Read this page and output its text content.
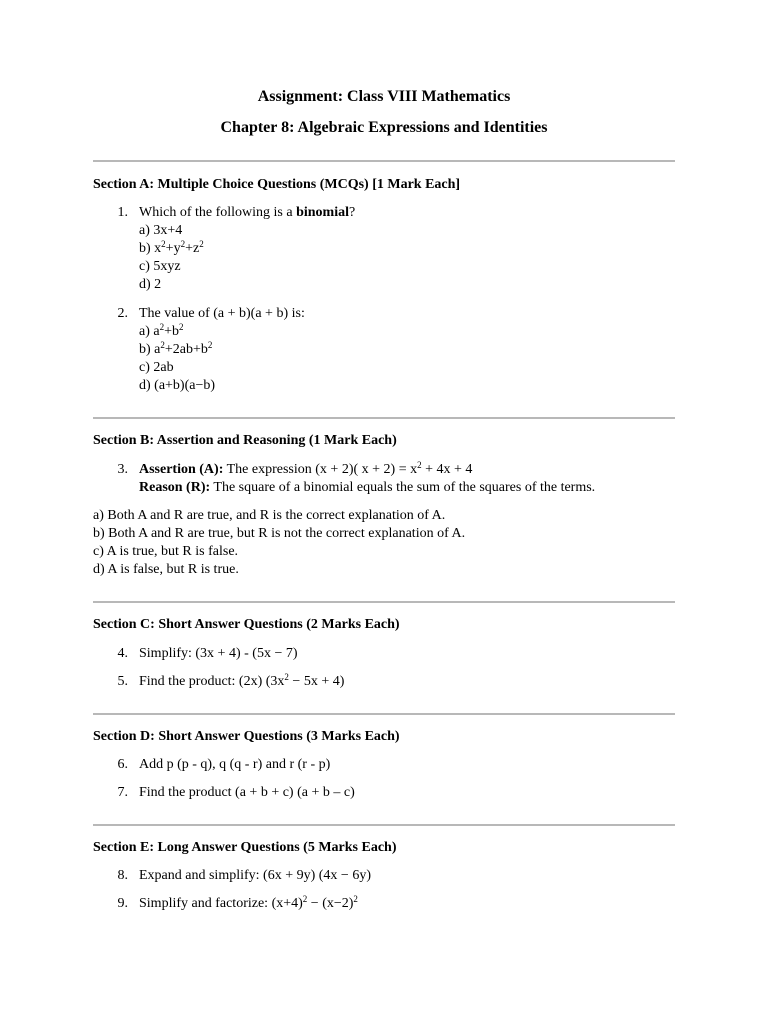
Assignment: Class VIII Mathematics
Chapter 8: Algebraic Expressions and Identities
Section A: Multiple Choice Questions (MCQs) [1 Mark Each]
1. Which of the following is a binomial?
a) 3x+4
b) $x^2+y^2+z^2$
c) 5xyz
d) 2
2. The value of (a + b)(a + b) is:
a) $a^2+b^2$
b) $a^2+2ab+b^2$
c) 2ab
d) (a+b)(a−b)
Section B: Assertion and Reasoning (1 Mark Each)
3. Assertion (A): The expression (x + 2)( $x + 2) = x^2 + 4x + 4$
Reason (R): The square of a binomial equals the sum of the squares of the terms.
a) Both A and R are true, and R is the correct explanation of A.
b) Both A and R are true, but R is not the correct explanation of A.
c) A is true, but R is false.
d) A is false, but R is true.
Section C: Short Answer Questions (2 Marks Each)
4. Simplify: (3x + 4) - (5x − 7)
5. Find the product: (2x) $(3x^2 - 5x + 4)$
Section D: Short Answer Questions (3 Marks Each)
6. Add p (p - q), q (q - r) and r (r - p)
7. Find the product (a + b + c) (a + b – c)
Section E: Long Answer Questions (5 Marks Each)
8. Expand and simplify: (6x + 9y) (4x − 6y)
9. Simplify and factorize: $(x+4)^2 - (x-2)^2$
